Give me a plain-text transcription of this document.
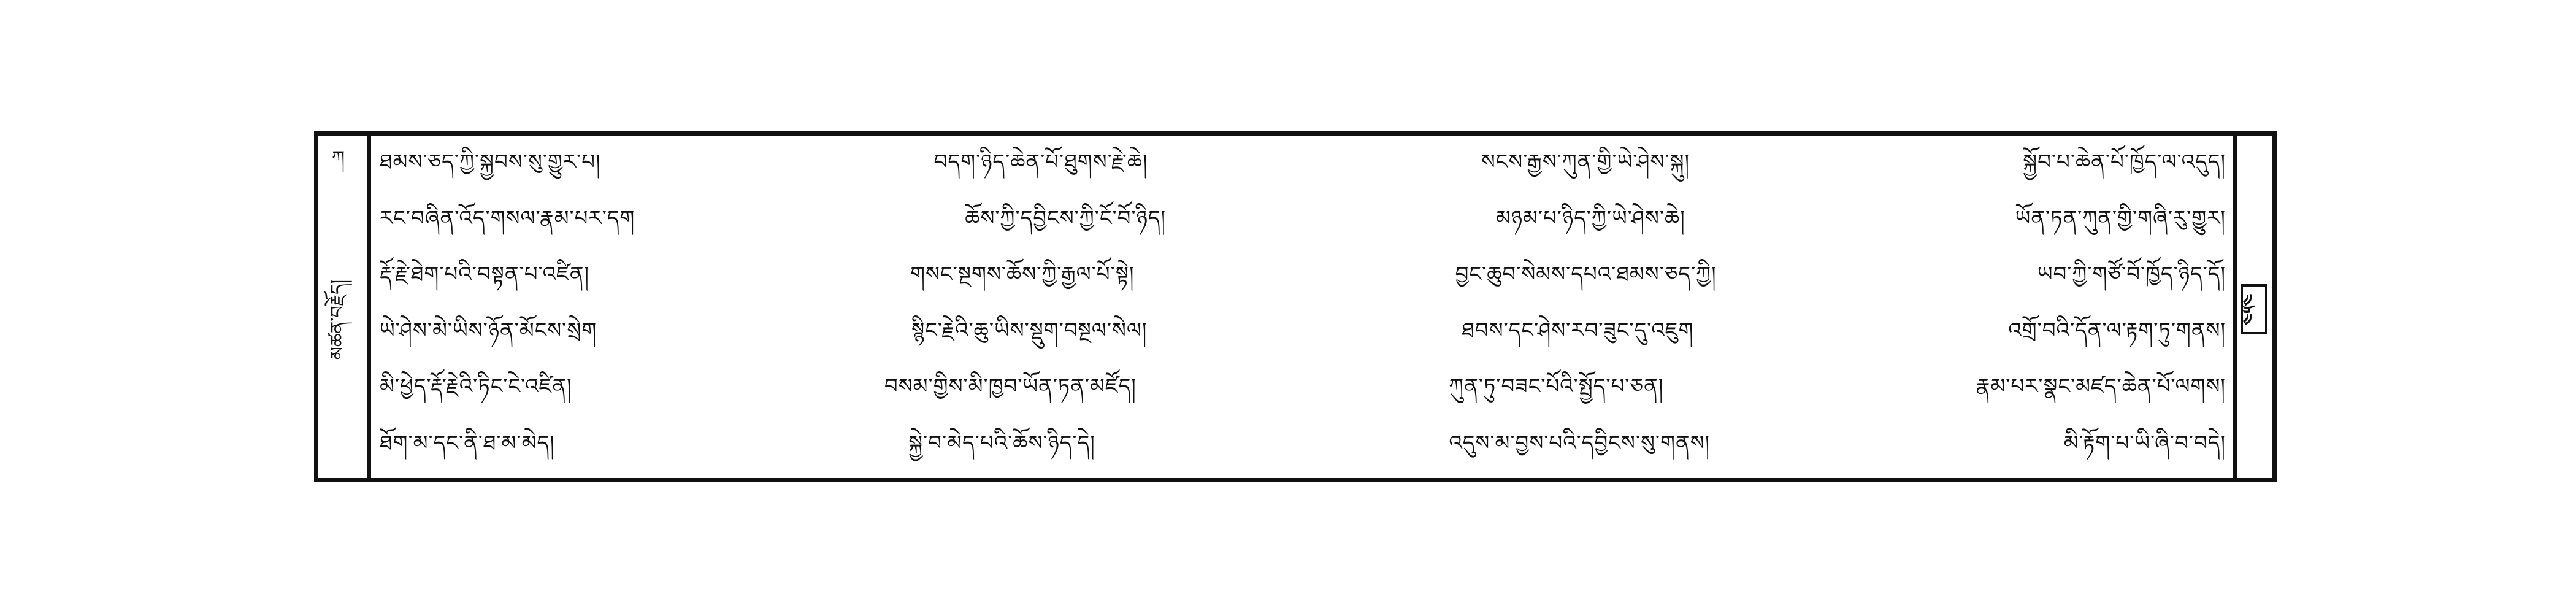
ཀ
མཚན་བརྗོད།
ཐམས་ཅད་ཀྱི་སྐྱབས་སུ་གྱུར་པ།	བདག་ཉིད་ཆེན་པོ་ཐུགས་རྗེ་ཆེ།	སངས་རྒྱས་ཀུན་གྱི་ཡེ་ཤེས་སྐུ།	སྐྱོབ་པ་ཆེན་པོ་ཁྱོད་ལ་འདུད།
རང་བཞིན་འོད་གསལ་རྣམ་པར་དག	ཆོས་ཀྱི་དབྱིངས་ཀྱི་ངོ་བོ་ཉིད།	མཉམ་པ་ཉིད་ཀྱི་ཡེ་ཤེས་ཆེ།	ཡོན་ཏན་ཀུན་གྱི་གཞི་རུ་གྱུར།
རྡོ་རྗེ་ཐེག་པའི་བསྟན་པ་འཛིན།	གསང་སྔགས་ཆོས་ཀྱི་རྒྱལ་པོ་སྟེ།	བྱང་ཆུབ་སེམས་དཔའ་ཐམས་ཅད་ཀྱི།	ཡབ་ཀྱི་གཙོ་བོ་ཁྱོད་ཉིད་དོ།
ཡེ་ཤེས་མེ་ཡིས་ཉོན་མོངས་སྲེག	སྙིང་རྗེའི་ཆུ་ཡིས་སྡུག་བསྔལ་སེལ།	ཐབས་དང་ཤེས་རབ་ཟུང་དུ་འཇུག	འགྲོ་བའི་དོན་ལ་རྟག་ཏུ་གནས།
མི་ཕྱེད་རྡོ་རྗེའི་ཏིང་ངེ་འཛིན།	བསམ་གྱིས་མི་ཁྱབ་ཡོན་ཏན་མཛོད།	ཀུན་ཏུ་བཟང་པོའི་སྤྱོད་པ་ཅན།	རྣམ་པར་སྣང་མཛད་ཆེན་པོ་ལགས།
ཐོག་མ་དང་ནི་ཐ་མ་མེད།	སྐྱེ་བ་མེད་པའི་ཆོས་ཉིད་དེ།	འདུས་མ་བྱས་པའི་དབྱིངས་སུ་གནས།	མི་རྟོག་པ་ཡི་ཞི་བ་བདེ།
༤༥༤
